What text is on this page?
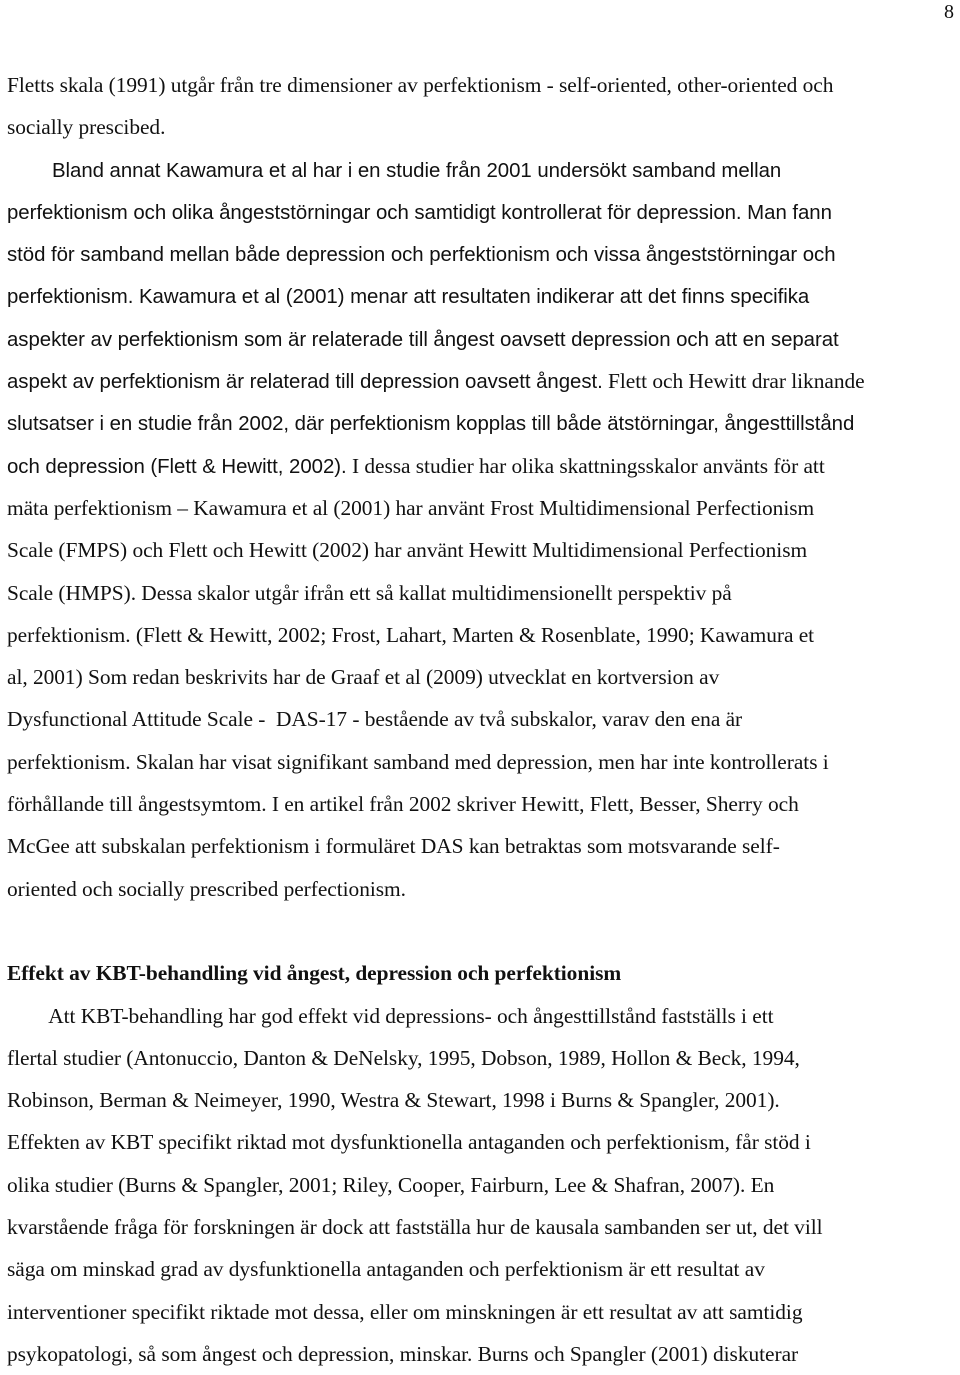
8
Fletts skala (1991) utgår från tre dimensioner av perfektionism - self-oriented, other-oriented och
socially prescibed.
Bland annat Kawamura et al har i en studie från 2001 undersökt samband mellan
perfektionism och olika ångeststörningar och samtidigt kontrollerat för depression. Man fann
stöd för samband mellan både depression och perfektionism och vissa ångeststörningar och
perfektionism. Kawamura et al (2001) menar att resultaten indikerar att det finns specifika
aspekter av perfektionism som är relaterade till ångest oavsett depression och att en separat
aspekt av perfektionism är relaterad till depression oavsett ångest. Flett och Hewitt drar liknande
slutsatser i en studie från 2002, där perfektionism kopplas till både ätstörningar, ångesttillstånd
och depression (Flett & Hewitt, 2002). I dessa studier har olika skattningsskalor använts för att
mäta perfektionism – Kawamura et al (2001) har använt Frost Multidimensional Perfectionism
Scale (FMPS) och Flett och Hewitt (2002) har använt Hewitt Multidimensional Perfectionism
Scale (HMPS). Dessa skalor utgår ifrån ett så kallat multidimensionellt perspektiv på
perfektionism. (Flett & Hewitt, 2002; Frost, Lahart, Marten & Rosenblate, 1990; Kawamura et
al, 2001) Som redan beskrivits har de Graaf et al (2009) utvecklat en kortversion av
Dysfunctional Attitude Scale -  DAS-17 - bestående av två subskalor, varav den ena är
perfektionism. Skalan har visat signifikant samband med depression, men har inte kontrollerats i
förhållande till ångestsymtom. I en artikel från 2002 skriver Hewitt, Flett, Besser, Sherry och
McGee att subskalan perfektionism i formuläret DAS kan betraktas som motsvarande self-
oriented och socially prescribed perfectionism.
Effekt av KBT-behandling vid ångest, depression och perfektionism
Att KBT-behandling har god effekt vid depressions- och ångesttillstånd fastställs i ett
flertal studier (Antonuccio, Danton & DeNelsky, 1995, Dobson, 1989, Hollon & Beck, 1994,
Robinson, Berman & Neimeyer, 1990, Westra & Stewart, 1998 i Burns & Spangler, 2001).
Effekten av KBT specifikt riktad mot dysfunktionella antaganden och perfektionism, får stöd i
olika studier (Burns & Spangler, 2001; Riley, Cooper, Fairburn, Lee & Shafran, 2007). En
kvarstående fråga för forskningen är dock att fastställa hur de kausala sambanden ser ut, det vill
säga om minskad grad av dysfunktionella antaganden och perfektionism är ett resultat av
interventioner specifikt riktade mot dessa, eller om minskningen är ett resultat av att samtidig
psykopatologi, så som ångest och depression, minskar. Burns och Spangler (2001) diskuterar
